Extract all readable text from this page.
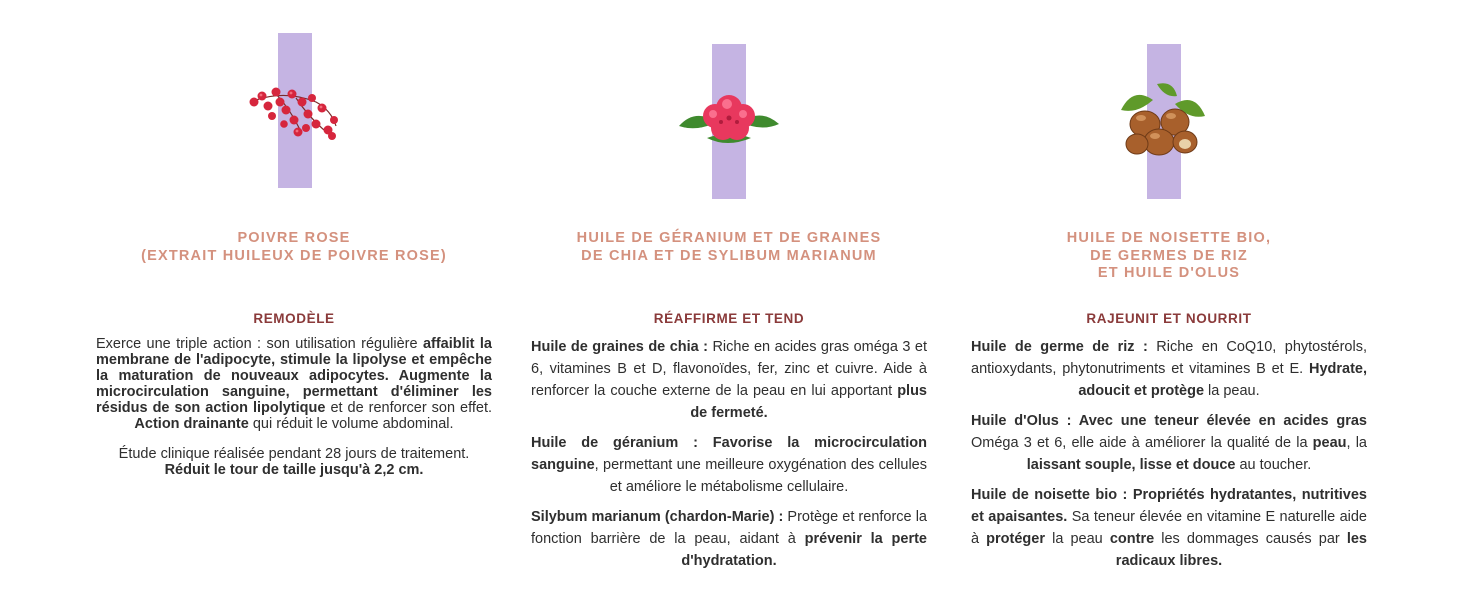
POIVRE ROSE
(EXTRAIT HUILEUX DE POIVRE ROSE)
REMODÈLE

Exerce une triple action : son utilisation régulière affaiblit la membrane de l'adipocyte, stimule la lipolyse et empêche la maturation de nouveaux adipocytes. Augmente la microcirculation sanguine, permettant d'éliminer les résidus de son action lipolytique et de renforcer son effet. Action drainante qui réduit le volume abdominal.

Étude clinique réalisée pendant 28 jours de traitement.
Réduit le tour de taille jusqu'à 2,2 cm.

HUILE DE GÉRANIUM ET DE GRAINES
DE CHIA ET DE SYLIBUM MARIANUM
RÉAFFIRME ET TEND

Huile de graines de chia : Riche en acides gras oméga 3 et 6, vitamines B et D, flavonoïdes, fer, zinc et cuivre. Aide à renforcer la couche externe de la peau en lui apportant plus de fermeté.

Huile de géranium : Favorise la microcirculation sanguine, permettant une meilleure oxygénation des cellules et améliore le métabolisme cellulaire.

Silybum marianum (chardon-Marie) : Protège et renforce la fonction barrière de la peau, aidant à prévenir la perte d'hydratation.

HUILE DE NOISETTE BIO,
DE GERMES DE RIZ
ET HUILE D'OLUS
RAJEUNIT ET NOURRIT

Huile de germe de riz : Riche en CoQ10, phytostérols, antioxydants, phytonutriments et vitamines B et E. Hydrate, adoucit et protège la peau.

Huile d'Olus : Avec une teneur élevée en acides gras Oméga 3 et 6, elle aide à améliorer la qualité de la peau, la laissant souple, lisse et douce au toucher.

Huile de noisette bio : Propriétés hydratantes, nutritives et apaisantes. Sa teneur élevée en vitamine E naturelle aide à protéger la peau contre les dommages causés par les radicaux libres.
